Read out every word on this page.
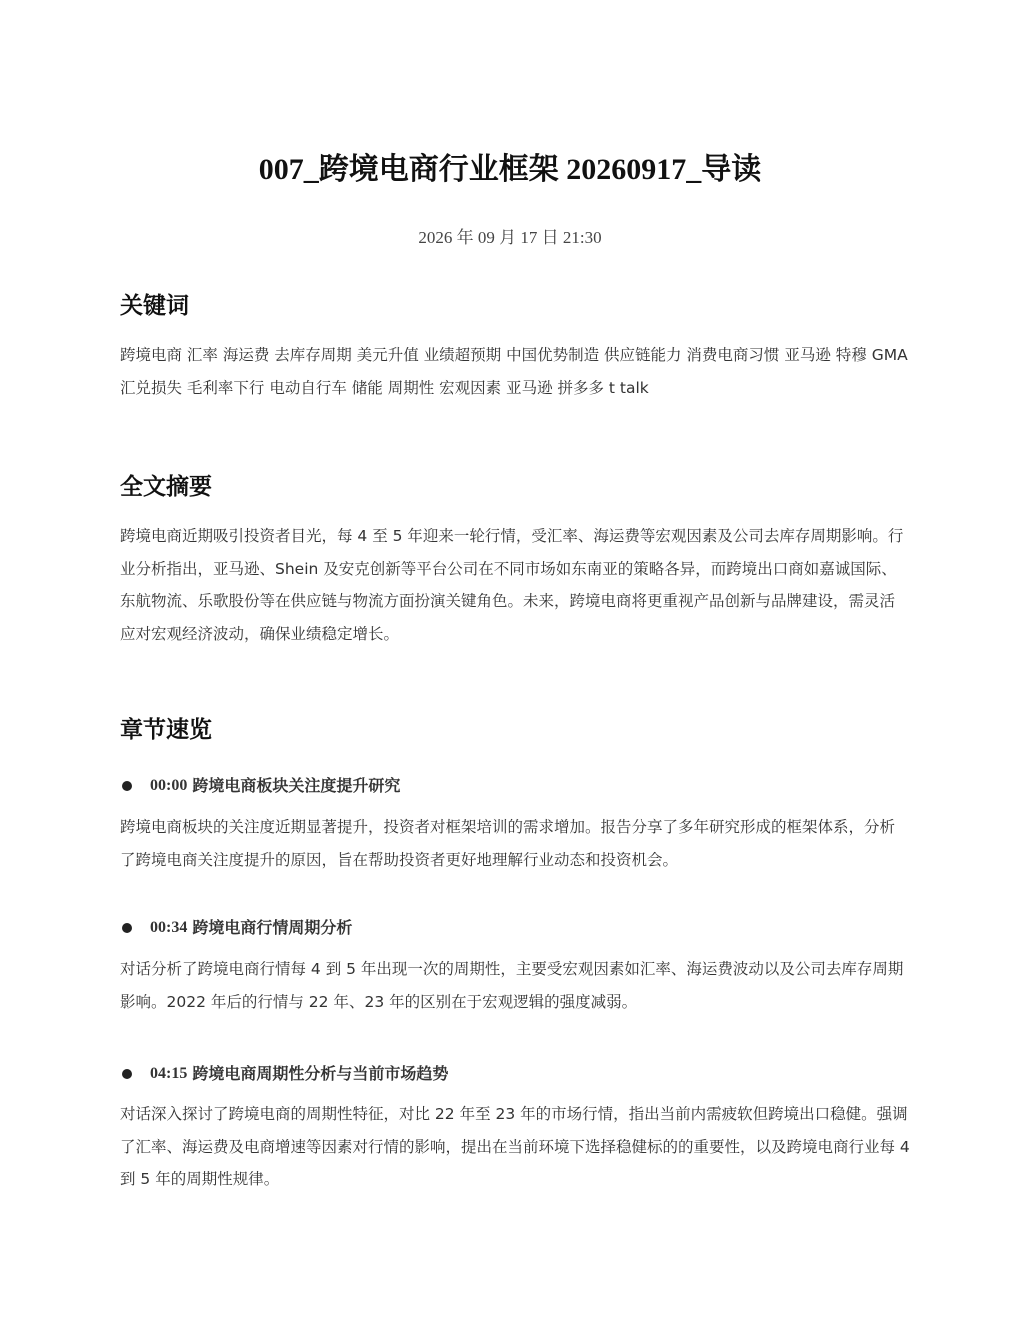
007_跨境电商行业框架 20260917_导读
2026 年 09 月 17 日 21:30
关键词

跨境电商 汇率 海运费 去库存周期 美元升值 业绩超预期 中国优势制造 供应链能力 消费电商习惯 亚马逊 特穆 GMA 汇兑损失 毛利率下行 电动自行车 储能 周期性 宏观因素 亚马逊 拼多多 t talk

全文摘要

跨境电商近期吸引投资者目光，每 4 至 5 年迎来一轮行情，受汇率、海运费等宏观因素及公司去库存周期影响。行业分析指出，亚马逊、Shein 及安克创新等平台公司在不同市场如东南亚的策略各异，而跨境出口商如嘉诚国际、东航物流、乐歌股份等在供应链与物流方面扮演关键角色。未来，跨境电商将更重视产品创新与品牌建设，需灵活应对宏观经济波动，确保业绩稳定增长。

章节速览
00:00 跨境电商板块关注度提升研究

跨境电商板块的关注度近期显著提升，投资者对框架培训的需求增加。报告分享了多年研究形成的框架体系，分析了跨境电商关注度提升的原因，旨在帮助投资者更好地理解行业动态和投资机会。

00:34 跨境电商行情周期分析

对话分析了跨境电商行情每 4 到 5 年出现一次的周期性，主要受宏观因素如汇率、海运费波动以及公司去库存周期影响。2022 年后的行情与 22 年、23 年的区别在于宏观逻辑的强度减弱。

04:15 跨境电商周期性分析与当前市场趋势

对话深入探讨了跨境电商的周期性特征，对比 22 年至 23 年的市场行情，指出当前内需疲软但跨境出口稳健。强调了汇率、海运费及电商增速等因素对行情的影响，提出在当前环境下选择稳健标的的重要性，以及跨境电商行业每 4 到 5 年的周期性规律。
